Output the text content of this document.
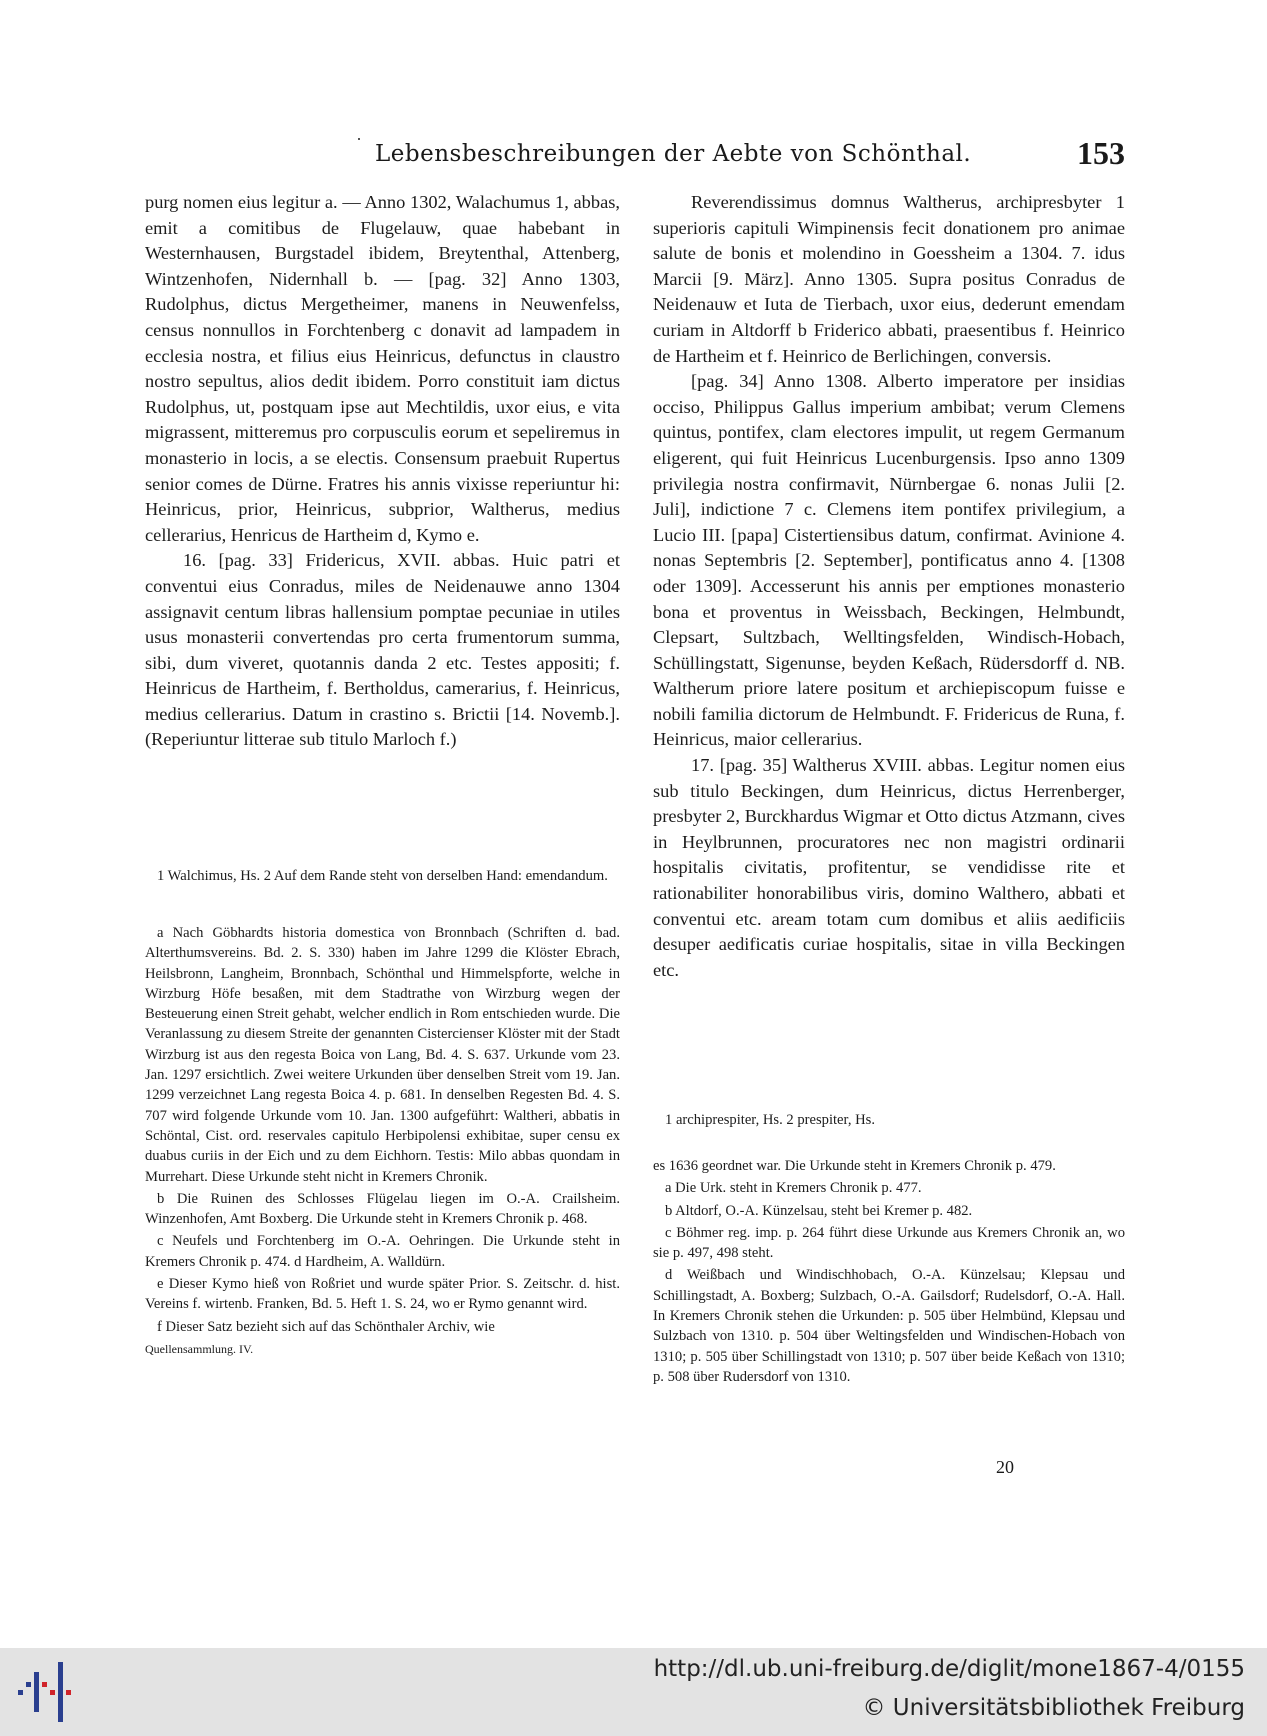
Lebensbeschreibungen der Aebte von Schönthal.	153

purg nomen eius legitur a. — Anno 1302, Walachumus 1, abbas, emit a comitibus de Flugelauw, quae habebant in Westernhausen, Burgstadel ibidem, Breytenthal, Attenberg, Wintzenhofen, Nidernhall b. — [pag. 32] Anno 1303, Rudolphus, dictus Mergetheimer, manens in Neuwenfelss, census nonnullos in Forchtenberg c donavit ad lampadem in ecclesia nostra, et filius eius Heinricus, defunctus in claustro nostro sepultus, alios dedit ibidem. Porro constituit iam dictus Rudolphus, ut, postquam ipse aut Mechtildis, uxor eius, e vita migrassent, mitteremus pro corpusculis eorum et sepeliremus in monasterio in locis, a se electis. Consensum praebuit Rupertus senior comes de Dürne. Fratres his annis vixisse reperiuntur hi: Heinricus, prior, Heinricus, subprior, Waltherus, medius cellerarius, Henricus de Hartheim d, Kymo e.

16. [pag. 33] Fridericus, XVII. abbas. Huic patri et conventui eius Conradus, miles de Neidenauwe anno 1304 assignavit centum libras hallensium pomptae pecuniae in utiles usus monasterii convertendas pro certa frumentorum summa, sibi, dum viveret, quotannis danda 2 etc. Testes appositi; f. Heinricus de Hartheim, f. Bertholdus, camerarius, f. Heinricus, medius cellerarius. Datum in crastino s. Brictii [14. Novemb.]. (Reperiuntur litterae sub titulo Marloch f.)

1 Walchimus, Hs. 2 Auf dem Rande steht von derselben Hand: emendandum.

a Nach Göbhardts historia domestica von Bronnbach (Schriften d. bad. Alterthumsvereins. Bd. 2. S. 330) haben im Jahre 1299 die Klöster Ebrach, Heilsbronn, Langheim, Bronnbach, Schönthal und Himmelspforte, welche in Wirzburg Höfe besaßen, mit dem Stadtrathe von Wirzburg wegen der Besteuerung einen Streit gehabt, welcher endlich in Rom entschieden wurde. Die Veranlassung zu diesem Streite der genannten Cistercienser Klöster mit der Stadt Wirzburg ist aus den regesta Boica von Lang, Bd. 4. S. 637. Urkunde vom 23. Jan. 1297 ersichtlich. Zwei weitere Urkunden über denselben Streit vom 19. Jan. 1299 verzeichnet Lang regesta Boica 4. p. 681. In denselben Regesten Bd. 4. S. 707 wird folgende Urkunde vom 10. Jan. 1300 aufgeführt: Waltheri, abbatis in Schöntal, Cist. ord. reservales capitulo Herbipolensi exhibitae, super censu ex duabus curiis in der Eich und zu dem Eichhorn. Testis: Milo abbas quondam in Murrehart. Diese Urkunde steht nicht in Kremers Chronik.

b Die Ruinen des Schlosses Flügelau liegen im O.-A. Crailsheim. Winzenhofen, Amt Boxberg. Die Urkunde steht in Kremers Chronik p. 468.

c Neufels und Forchtenberg im O.-A. Oehringen. Die Urkunde steht in Kremers Chronik p. 474. d Hardheim, A. Walldürn.

e Dieser Kymo hieß von Roßriet und wurde später Prior. S. Zeitschr. d. hist. Vereins f. wirtenb. Franken, Bd. 5. Heft 1. S. 24, wo er Rymo genannt wird.

f Dieser Satz bezieht sich auf das Schönthaler Archiv, wie

Quellensammlung. IV.

Reverendissimus domnus Waltherus, archipresbyter 1 superioris capituli Wimpinensis fecit donationem pro animae salute de bonis et molendino in Goessheim a 1304. 7. idus Marcii [9. März]. Anno 1305. Supra positus Conradus de Neidenauw et Iuta de Tierbach, uxor eius, dederunt emendam curiam in Altdorff b Friderico abbati, praesentibus f. Heinrico de Hartheim et f. Heinrico de Berlichingen, conversis.

[pag. 34] Anno 1308. Alberto imperatore per insidias occiso, Philippus Gallus imperium ambibat; verum Clemens quintus, pontifex, clam electores impulit, ut regem Germanum eligerent, qui fuit Heinricus Lucenburgensis. Ipso anno 1309 privilegia nostra confirmavit, Nürnbergae 6. nonas Julii [2. Juli], indictione 7 c. Clemens item pontifex privilegium, a Lucio III. [papa] Cistertiensibus datum, confirmat. Avinione 4. nonas Septembris [2. September], pontificatus anno 4. [1308 oder 1309]. Accesserunt his annis per emptiones monasterio bona et proventus in Weissbach, Beckingen, Helmbundt, Clepsart, Sultzbach, Welltingsfelden, Windisch-Hobach, Schüllingstatt, Sigenunse, beyden Keßach, Rüdersdorff d. NB. Waltherum priore latere positum et archiepiscopum fuisse e nobili familia dictorum de Helmbundt. F. Fridericus de Runa, f. Heinricus, maior cellerarius.

17. [pag. 35] Waltherus XVIII. abbas. Legitur nomen eius sub titulo Beckingen, dum Heinricus, dictus Herrenberger, presbyter 2, Burckhardus Wigmar et Otto dictus Atzmann, cives in Heylbrunnen, procuratores nec non magistri ordinarii hospitalis civitatis, profitentur, se vendidisse rite et rationabiliter honorabilibus viris, domino Walthero, abbati et conventui etc. aream totam cum domibus et aliis aedificiis desuper aedificatis curiae hospitalis, sitae in villa Beckingen etc.

1 archiprespiter, Hs. 2 prespiter, Hs.

es 1636 geordnet war. Die Urkunde steht in Kremers Chronik p. 479.

a Die Urk. steht in Kremers Chronik p. 477.

b Altdorf, O.-A. Künzelsau, steht bei Kremer p. 482.

c Böhmer reg. imp. p. 264 führt diese Urkunde aus Kremers Chronik an, wo sie p. 497, 498 steht.

d Weißbach und Windischhobach, O.-A. Künzelsau; Klepsau und Schillingstadt, A. Boxberg; Sulzbach, O.-A. Gailsdorf; Rudelsdorf, O.-A. Hall. In Kremers Chronik stehen die Urkunden: p. 505 über Helmbünd, Klepsau und Sulzbach von 1310. p. 504 über Weltingsfelden und Windischen-Hobach von 1310; p. 505 über Schillingstadt von 1310; p. 507 über beide Keßach von 1310; p. 508 über Rudersdorf von 1310.

20
http://dl.ub.uni-freiburg.de/diglit/mone1867-4/0155
© Universitätsbibliothek Freiburg
